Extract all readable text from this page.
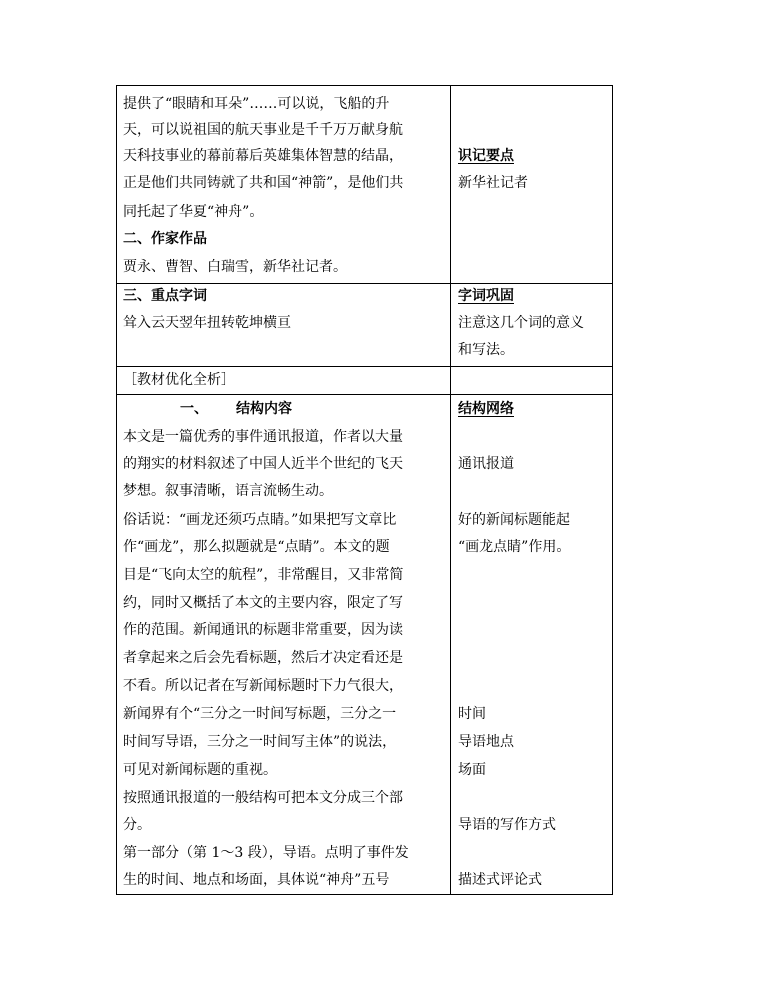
提供了“眼睛和耳朵”……可以说，飞船的升
天，可以说祖国的航天事业是千千万万献身航
天科技事业的幕前幕后英雄集体智慧的结晶，
正是他们共同铸就了共和国“神箭”，是他们共
同托起了华夏“神舟”。
二、作家作品
贾永、曹智、白瑞雪，新华社记者。
识记要点
新华社记者
三、重点字词
耸入云天翌年扭转乾坤横亘
字词巩固
注意这几个词的意义
和写法。
［教材优化全析］
一、 结构内容	结构网络
本文是一篇优秀的事件通讯报道，作者以大量
的翔实的材料叙述了中国人近半个世纪的飞天
梦想。叙事清晰，语言流畅生动。
俗话说：“画龙还须巧点睛。”如果把写文章比
作“画龙”，那么拟题就是“点睛”。本文的题
目是“飞向太空的航程”，非常醒目，又非常简
约，同时又概括了本文的主要内容，限定了写
作的范围。新闻通讯的标题非常重要，因为读
者拿起来之后会先看标题，然后才决定看还是
不看。所以记者在写新闻标题时下力气很大，
新闻界有个“三分之一时间写标题，三分之一
时间写导语，三分之一时间写主体”的说法，
可见对新闻标题的重视。
按照通讯报道的一般结构可把本文分成三个部
分。
第一部分（第 1～3 段），导语。点明了事件发
生的时间、地点和场面，具体说“神舟”五号
通讯报道
好的新闻标题能起
“画龙点睛”作用。
时间
导语地点
场面
导语的写作方式
描述式评论式
